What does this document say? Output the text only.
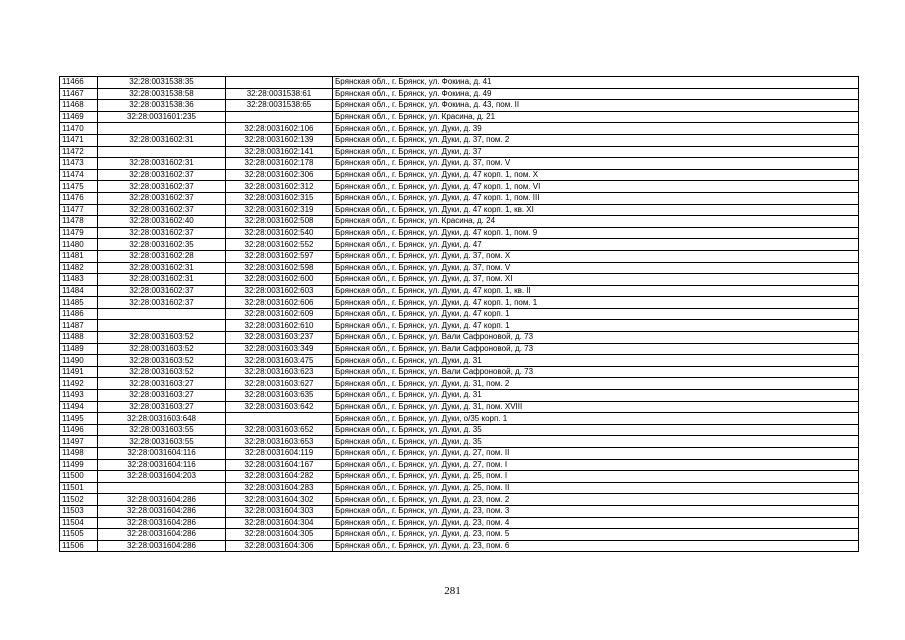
11466	32:28:0031538:35		Брянская обл., г. Брянск, ул. Фокина, д. 41
11467	32:28:0031538:58	32:28:0031538:61	Брянская обл., г. Брянск, ул. Фокина, д. 49
11468	32:28:0031538:36	32:28:0031538:65	Брянская обл., г. Брянск, ул. Фокина, д. 43, пом. II
11469	32:28:0031601:235		Брянская обл., г. Брянск, ул. Красина, д. 21
11470		32:28:0031602:106	Брянская обл., г. Брянск, ул. Дуки, д. 39
11471	32:28:0031602:31	32:28:0031602:139	Брянская обл., г. Брянск, ул. Дуки, д. 37, пом. 2
11472		32:28:0031602:141	Брянская обл., г. Брянск, ул. Дуки, д. 37
11473	32:28:0031602:31	32:28:0031602:178	Брянская обл., г. Брянск, ул. Дуки, д. 37, пом. V
11474	32:28:0031602:37	32:28:0031602:306	Брянская обл., г. Брянск, ул. Дуки, д. 47 корп. 1, пом. X
11475	32:28:0031602:37	32:28:0031602:312	Брянская обл., г. Брянск, ул. Дуки, д. 47 корп. 1, пом. VI
11476	32:28:0031602:37	32:28:0031602:315	Брянская обл., г. Брянск, ул. Дуки, д. 47 корп. 1, пом. III
11477	32:28:0031602:37	32:28:0031602:319	Брянская обл., г. Брянск, ул. Дуки, д. 47 корп. 1, кв. XI
11478	32:28:0031602:40	32:28:0031602:508	Брянская обл., г. Брянск, ул. Красина, д. 24
11479	32:28:0031602:37	32:28:0031602:540	Брянская обл., г. Брянск, ул. Дуки, д. 47 корп. 1, пом. 9
11480	32:28:0031602:35	32:28:0031602:552	Брянская обл., г. Брянск, ул. Дуки, д. 47
11481	32:28:0031602:28	32:28:0031602:597	Брянская обл., г. Брянск, ул. Дуки, д. 37, пом. X
11482	32:28:0031602:31	32:28:0031602:598	Брянская обл., г. Брянск, ул. Дуки, д. 37, пом. V
11483	32:28:0031602:31	32:28:0031602:600	Брянская обл., г. Брянск, ул. Дуки, д. 37, пом. XI
11484	32:28:0031602:37	32:28:0031602:603	Брянская обл., г. Брянск, ул. Дуки, д. 47 корп. 1, кв. II
11485	32:28:0031602:37	32:28:0031602:606	Брянская обл., г. Брянск, ул. Дуки, д. 47 корп. 1, пом. 1
11486		32:28:0031602:609	Брянская обл., г. Брянск, ул. Дуки, д. 47 корп. 1
11487		32:28:0031602:610	Брянская обл., г. Брянск, ул. Дуки, д. 47 корп. 1
11488	32:28:0031603:52	32:28:0031603:237	Брянская обл., г. Брянск, ул. Вали Сафроновой, д. 73
11489	32:28:0031603:52	32:28:0031603:349	Брянская обл., г. Брянск, ул. Вали Сафроновой, д. 73
11490	32:28:0031603:52	32:28:0031603:475	Брянская обл., г. Брянск, ул. Дуки, д. 31
11491	32:28:0031603:52	32:28:0031603:623	Брянская обл., г. Брянск, ул. Вали Сафроновой, д. 73
11492	32:28:0031603:27	32:28:0031603:627	Брянская обл., г. Брянск, ул. Дуки, д. 31, пом. 2
11493	32:28:0031603:27	32:28:0031603:635	Брянская обл., г. Брянск, ул. Дуки, д. 31
11494	32:28:0031603:27	32:28:0031603:642	Брянская обл., г. Брянск, ул. Дуки, д. 31, пом. XVIII
11495	32:28:0031603:648		Брянская обл., г. Брянск, ул. Дуки, о/35 корп. 1
11496	32:28:0031603:55	32:28:0031603:652	Брянская обл., г. Брянск, ул. Дуки, д. 35
11497	32:28:0031603:55	32:28:0031603:653	Брянская обл., г. Брянск, ул. Дуки, д. 35
11498	32:28:0031604:116	32:28:0031604:119	Брянская обл., г. Брянск, ул. Дуки, д. 27, пом. II
11499	32:28:0031604:116	32:28:0031604:167	Брянская обл., г. Брянск, ул. Дуки, д. 27, пом. I
11500	32:28:0031604:203	32:28:0031604:282	Брянская обл., г. Брянск, ул. Дуки, д. 25, пом. I
11501		32:28:0031604:283	Брянская обл., г. Брянск, ул. Дуки, д. 25, пом. II
11502	32:28:0031604:286	32:28:0031604:302	Брянская обл., г. Брянск, ул. Дуки, д. 23, пом. 2
11503	32:28:0031604:286	32:28:0031604:303	Брянская обл., г. Брянск, ул. Дуки, д. 23, пом. 3
11504	32:28:0031604:286	32:28:0031604:304	Брянская обл., г. Брянск, ул. Дуки, д. 23, пом. 4
11505	32:28:0031604:286	32:28:0031604:305	Брянская обл., г. Брянск, ул. Дуки, д. 23, пом. 5
11506	32:28:0031604:286	32:28:0031604:306	Брянская обл., г. Брянск, ул. Дуки, д. 23, пом. 6
281
